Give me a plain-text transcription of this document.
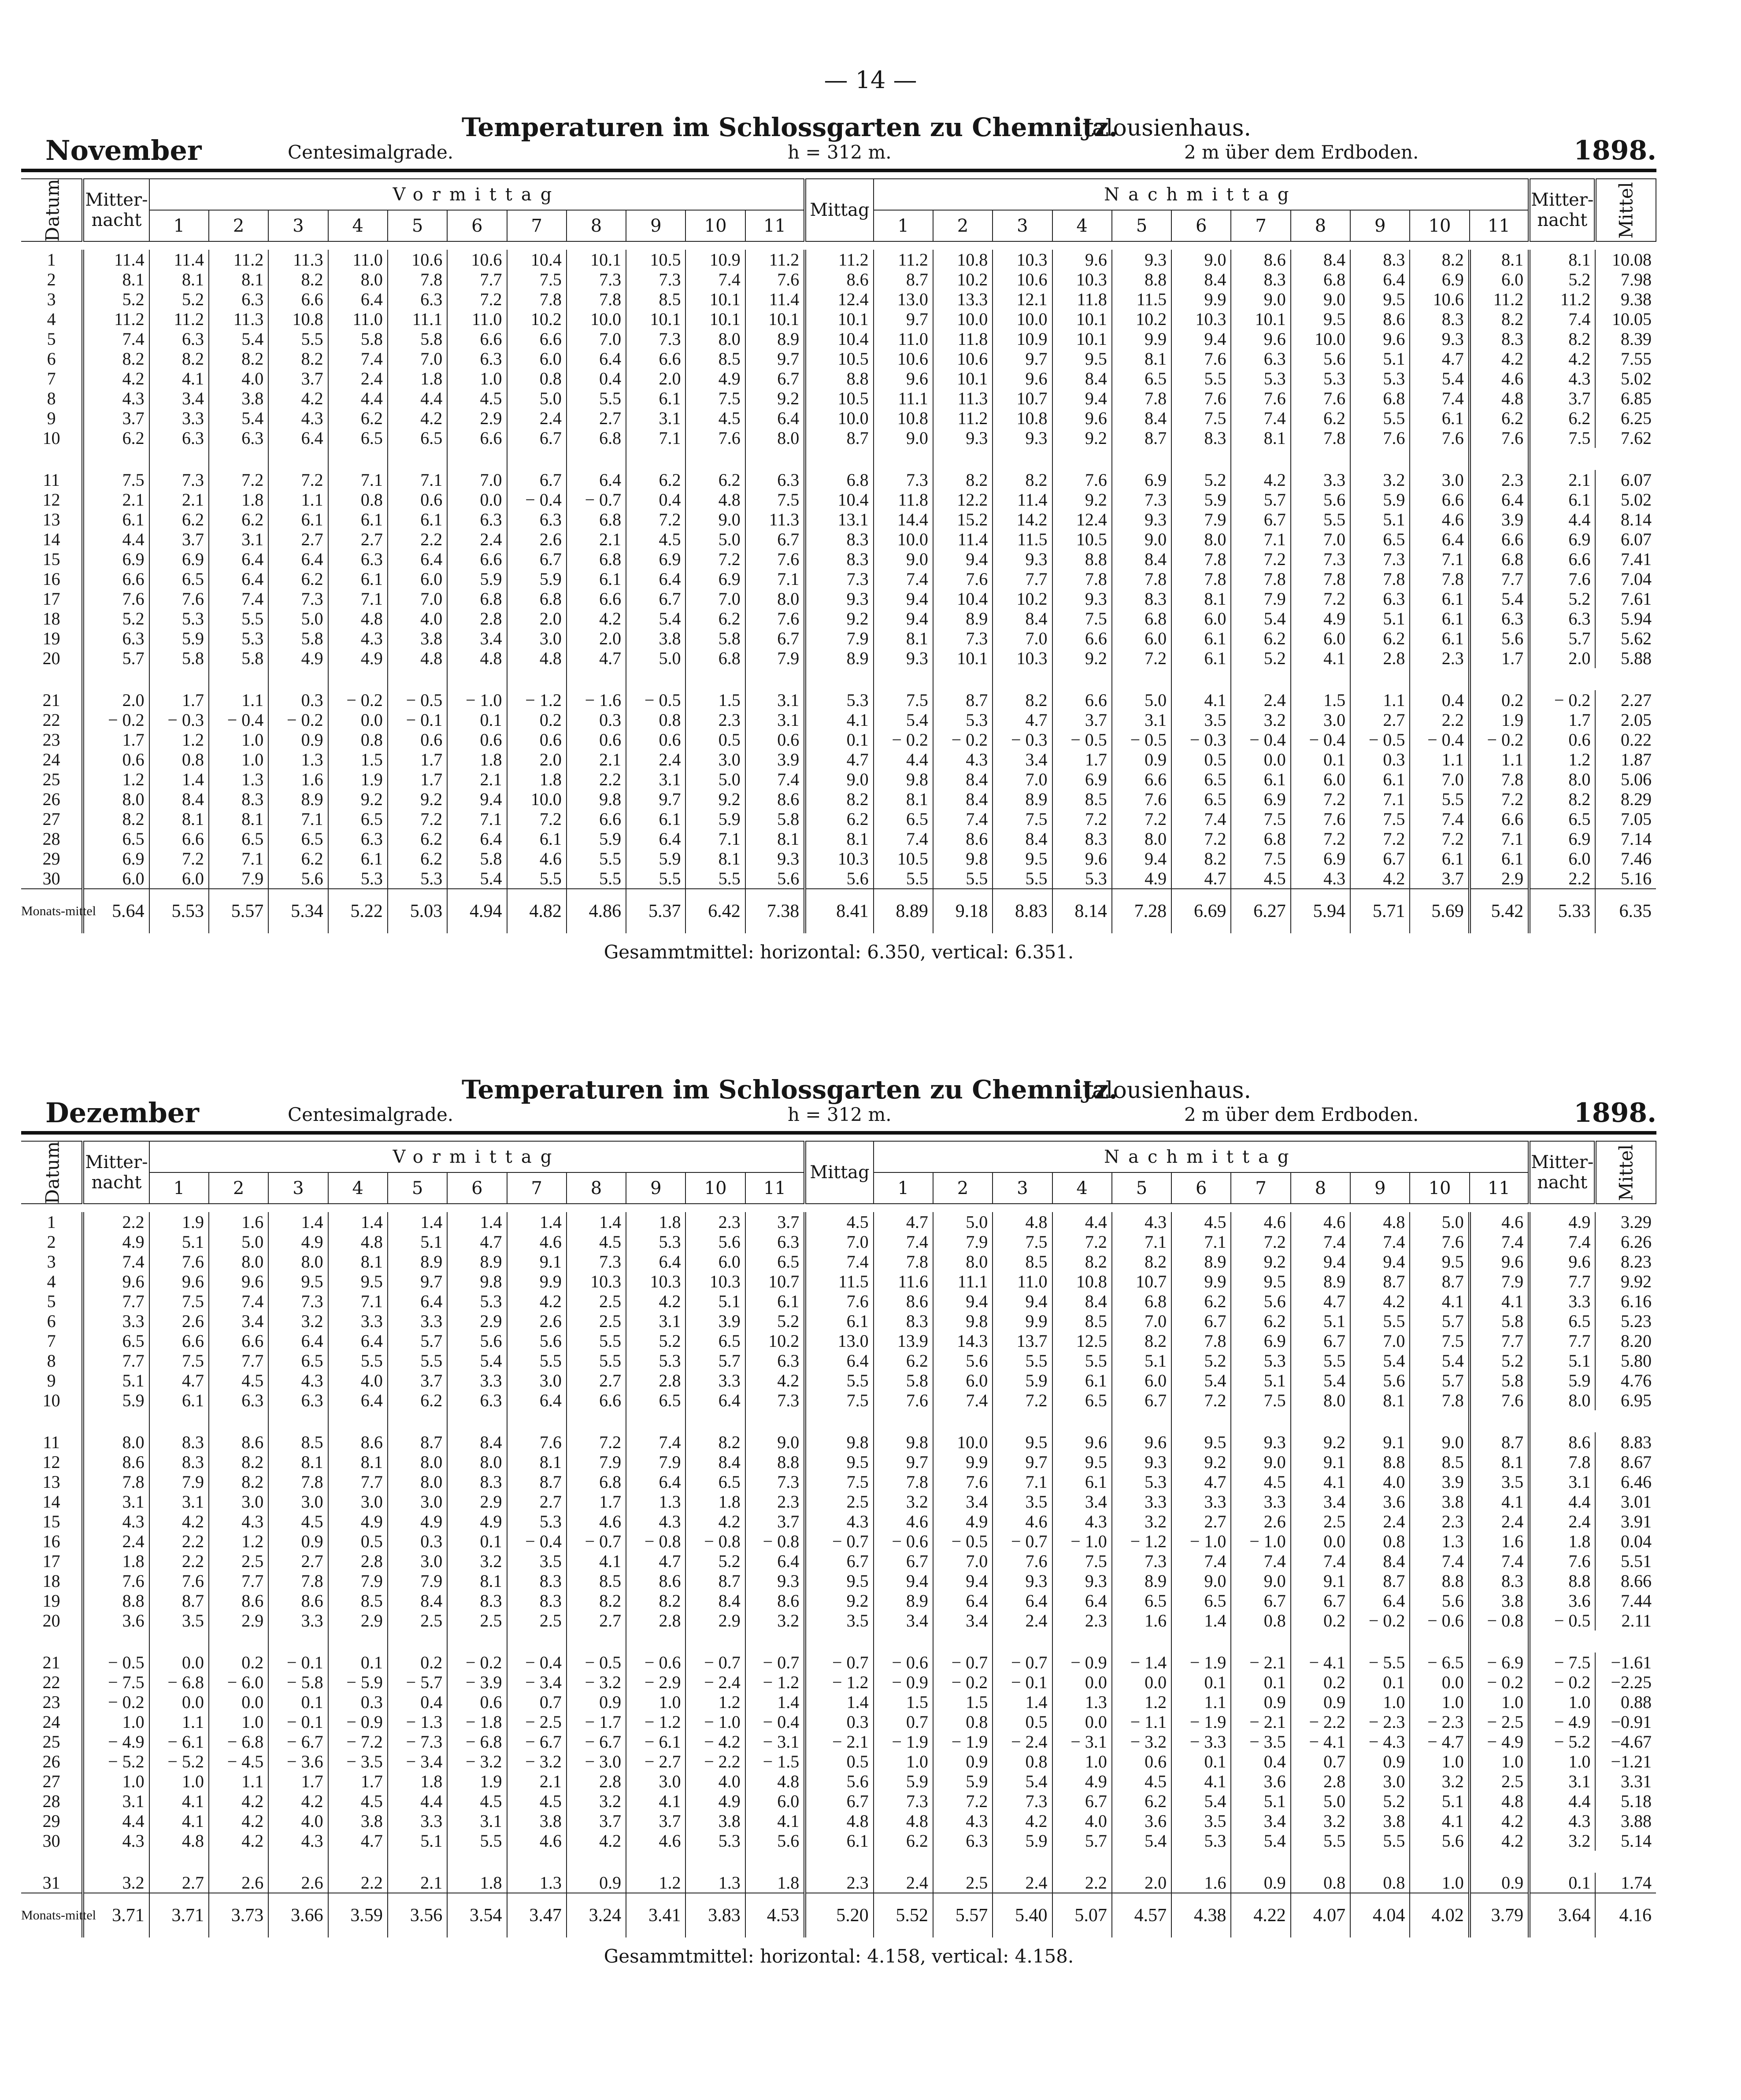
— 14 —
Temperaturen im Schlossgarten zu Chemnitz.
Jalousienhaus.
November	Centesimalgrade.	h = 312 m.	2 m über dem Erdboden.	1898.
Datum	Mitter-nacht	Vormittag											Mittag	Nachmittag											Mitter-nacht	Mittel
		1	2	3	4	5	6	7	8	9	10	11		1	2	3	4	5	6	7	8	9	10	11		

1	11.4	11.4	11.2	11.3	11.0	10.6	10.6	10.4	10.1	10.5	10.9	11.2	11.2	11.2	10.8	10.3	9.6	9.3	9.0	8.6	8.4	8.3	8.2	8.1	8.1	10.08
2	8.1	8.1	8.1	8.2	8.0	7.8	7.7	7.5	7.3	7.3	7.4	7.6	8.6	8.7	10.2	10.6	10.3	8.8	8.4	8.3	6.8	6.4	6.9	6.0	5.2	7.98
3	5.2	5.2	6.3	6.6	6.4	6.3	7.2	7.8	7.8	8.5	10.1	11.4	12.4	13.0	13.3	12.1	11.8	11.5	9.9	9.0	9.0	9.5	10.6	11.2	11.2	9.38
4	11.2	11.2	11.3	10.8	11.0	11.1	11.0	10.2	10.0	10.1	10.1	10.1	10.1	9.7	10.0	10.0	10.1	10.2	10.3	10.1	9.5	8.6	8.3	8.2	7.4	10.05
5	7.4	6.3	5.4	5.5	5.8	5.8	6.6	6.6	7.0	7.3	8.0	8.9	10.4	11.0	11.8	10.9	10.1	9.9	9.4	9.6	10.0	9.6	9.3	8.3	8.2	8.39
6	8.2	8.2	8.2	8.2	7.4	7.0	6.3	6.0	6.4	6.6	8.5	9.7	10.5	10.6	10.6	9.7	9.5	8.1	7.6	6.3	5.6	5.1	4.7	4.2	4.2	7.55
7	4.2	4.1	4.0	3.7	2.4	1.8	1.0	0.8	0.4	2.0	4.9	6.7	8.8	9.6	10.1	9.6	8.4	6.5	5.5	5.3	5.3	5.3	5.4	4.6	4.3	5.02
8	4.3	3.4	3.8	4.2	4.4	4.4	4.5	5.0	5.5	6.1	7.5	9.2	10.5	11.1	11.3	10.7	9.4	7.8	7.6	7.6	7.6	6.8	7.4	4.8	3.7	6.85
9	3.7	3.3	5.4	4.3	6.2	4.2	2.9	2.4	2.7	3.1	4.5	6.4	10.0	10.8	11.2	10.8	9.6	8.4	7.5	7.4	6.2	5.5	6.1	6.2	6.2	6.25
10	6.2	6.3	6.3	6.4	6.5	6.5	6.6	6.7	6.8	7.1	7.6	8.0	8.7	9.0	9.3	9.3	9.2	8.7	8.3	8.1	7.8	7.6	7.6	7.6	7.5	7.62

11	7.5	7.3	7.2	7.2	7.1	7.1	7.0	6.7	6.4	6.2	6.2	6.3	6.8	7.3	8.2	8.2	7.6	6.9	5.2	4.2	3.3	3.2	3.0	2.3	2.1	6.07
12	2.1	2.1	1.8	1.1	0.8	0.6	0.0	− 0.4	− 0.7	0.4	4.8	7.5	10.4	11.8	12.2	11.4	9.2	7.3	5.9	5.7	5.6	5.9	6.6	6.4	6.1	5.02
13	6.1	6.2	6.2	6.1	6.1	6.1	6.3	6.3	6.8	7.2	9.0	11.3	13.1	14.4	15.2	14.2	12.4	9.3	7.9	6.7	5.5	5.1	4.6	3.9	4.4	8.14
14	4.4	3.7	3.1	2.7	2.7	2.2	2.4	2.6	2.1	4.5	5.0	6.7	8.3	10.0	11.4	11.5	10.5	9.0	8.0	7.1	7.0	6.5	6.4	6.6	6.9	6.07
15	6.9	6.9	6.4	6.4	6.3	6.4	6.6	6.7	6.8	6.9	7.2	7.6	8.3	9.0	9.4	9.3	8.8	8.4	7.8	7.2	7.3	7.3	7.1	6.8	6.6	7.41
16	6.6	6.5	6.4	6.2	6.1	6.0	5.9	5.9	6.1	6.4	6.9	7.1	7.3	7.4	7.6	7.7	7.8	7.8	7.8	7.8	7.8	7.8	7.8	7.7	7.6	7.04
17	7.6	7.6	7.4	7.3	7.1	7.0	6.8	6.8	6.6	6.7	7.0	8.0	9.3	9.4	10.4	10.2	9.3	8.3	8.1	7.9	7.2	6.3	6.1	5.4	5.2	7.61
18	5.2	5.3	5.5	5.0	4.8	4.0	2.8	2.0	4.2	5.4	6.2	7.6	9.2	9.4	8.9	8.4	7.5	6.8	6.0	5.4	4.9	5.1	6.1	6.3	6.3	5.94
19	6.3	5.9	5.3	5.8	4.3	3.8	3.4	3.0	2.0	3.8	5.8	6.7	7.9	8.1	7.3	7.0	6.6	6.0	6.1	6.2	6.0	6.2	6.1	5.6	5.7	5.62
20	5.7	5.8	5.8	4.9	4.9	4.8	4.8	4.8	4.7	5.0	6.8	7.9	8.9	9.3	10.1	10.3	9.2	7.2	6.1	5.2	4.1	2.8	2.3	1.7	2.0	5.88

21	2.0	1.7	1.1	0.3	− 0.2	− 0.5	− 1.0	− 1.2	− 1.6	− 0.5	1.5	3.1	5.3	7.5	8.7	8.2	6.6	5.0	4.1	2.4	1.5	1.1	0.4	0.2	− 0.2	2.27
22	− 0.2	− 0.3	− 0.4	− 0.2	0.0	− 0.1	0.1	0.2	0.3	0.8	2.3	3.1	4.1	5.4	5.3	4.7	3.7	3.1	3.5	3.2	3.0	2.7	2.2	1.9	1.7	2.05
23	1.7	1.2	1.0	0.9	0.8	0.6	0.6	0.6	0.6	0.6	0.5	0.6	0.1	− 0.2	− 0.2	− 0.3	− 0.5	− 0.5	− 0.3	− 0.4	− 0.4	− 0.5	− 0.4	− 0.2	0.6	0.22
24	0.6	0.8	1.0	1.3	1.5	1.7	1.8	2.0	2.1	2.4	3.0	3.9	4.7	4.4	4.3	3.4	1.7	0.9	0.5	0.0	0.1	0.3	1.1	1.1	1.2	1.87
25	1.2	1.4	1.3	1.6	1.9	1.7	2.1	1.8	2.2	3.1	5.0	7.4	9.0	9.8	8.4	7.0	6.9	6.6	6.5	6.1	6.0	6.1	7.0	7.8	8.0	5.06
26	8.0	8.4	8.3	8.9	9.2	9.2	9.4	10.0	9.8	9.7	9.2	8.6	8.2	8.1	8.4	8.9	8.5	7.6	6.5	6.9	7.2	7.1	5.5	7.2	8.2	8.29
27	8.2	8.1	8.1	7.1	6.5	7.2	7.1	7.2	6.6	6.1	5.9	5.8	6.2	6.5	7.4	7.5	7.2	7.2	7.4	7.5	7.6	7.5	7.4	6.6	6.5	7.05
28	6.5	6.6	6.5	6.5	6.3	6.2	6.4	6.1	5.9	6.4	7.1	8.1	8.1	7.4	8.6	8.4	8.3	8.0	7.2	6.8	7.2	7.2	7.2	7.1	6.9	7.14
29	6.9	7.2	7.1	6.2	6.1	6.2	5.8	4.6	5.5	5.9	8.1	9.3	10.3	10.5	9.8	9.5	9.6	9.4	8.2	7.5	6.9	6.7	6.1	6.1	6.0	7.46
30	6.0	6.0	7.9	5.6	5.3	5.3	5.4	5.5	5.5	5.5	5.5	5.6	5.6	5.5	5.5	5.5	5.3	4.9	4.7	4.5	4.3	4.2	3.7	2.9	2.2	5.16
Monats-mittel	5.64	5.53	5.57	5.34	5.22	5.03	4.94	4.82	4.86	5.37	6.42	7.38	8.41	8.89	9.18	8.83	8.14	7.28	6.69	6.27	5.94	5.71	5.69	5.42	5.33	6.35
Gesammtmittel: horizontal: 6.350, vertical: 6.351.
Temperaturen im Schlossgarten zu Chemnitz.
Jalousienhaus.
Dezember	Centesimalgrade.	h = 312 m.	2 m über dem Erdboden.	1898.
Datum	Mitter-nacht	Vormittag											Mittag	Nachmittag											Mitter-nacht	Mittel
		1	2	3	4	5	6	7	8	9	10	11		1	2	3	4	5	6	7	8	9	10	11		

1	2.2	1.9	1.6	1.4	1.4	1.4	1.4	1.4	1.4	1.8	2.3	3.7	4.5	4.7	5.0	4.8	4.4	4.3	4.5	4.6	4.6	4.8	5.0	4.6	4.9	3.29
2	4.9	5.1	5.0	4.9	4.8	5.1	4.7	4.6	4.5	5.3	5.6	6.3	7.0	7.4	7.9	7.5	7.2	7.1	7.1	7.2	7.4	7.4	7.6	7.4	7.4	6.26
3	7.4	7.6	8.0	8.0	8.1	8.9	8.9	9.1	7.3	6.4	6.0	6.5	7.4	7.8	8.0	8.5	8.2	8.2	8.9	9.2	9.4	9.4	9.5	9.6	9.6	8.23
4	9.6	9.6	9.6	9.5	9.5	9.7	9.8	9.9	10.3	10.3	10.3	10.7	11.5	11.6	11.1	11.0	10.8	10.7	9.9	9.5	8.9	8.7	8.7	7.9	7.7	9.92
5	7.7	7.5	7.4	7.3	7.1	6.4	5.3	4.2	2.5	4.2	5.1	6.1	7.6	8.6	9.4	9.4	8.4	6.8	6.2	5.6	4.7	4.2	4.1	4.1	3.3	6.16
6	3.3	2.6	3.4	3.2	3.3	3.3	2.9	2.6	2.5	3.1	3.9	5.2	6.1	8.3	9.8	9.9	8.5	7.0	6.7	6.2	5.1	5.5	5.7	5.8	6.5	5.23
7	6.5	6.6	6.6	6.4	6.4	5.7	5.6	5.6	5.5	5.2	6.5	10.2	13.0	13.9	14.3	13.7	12.5	8.2	7.8	6.9	6.7	7.0	7.5	7.7	7.7	8.20
8	7.7	7.5	7.7	6.5	5.5	5.5	5.4	5.5	5.5	5.3	5.7	6.3	6.4	6.2	5.6	5.5	5.5	5.1	5.2	5.3	5.5	5.4	5.4	5.2	5.1	5.80
9	5.1	4.7	4.5	4.3	4.0	3.7	3.3	3.0	2.7	2.8	3.3	4.2	5.5	5.8	6.0	5.9	6.1	6.0	5.4	5.1	5.4	5.6	5.7	5.8	5.9	4.76
10	5.9	6.1	6.3	6.3	6.4	6.2	6.3	6.4	6.6	6.5	6.4	7.3	7.5	7.6	7.4	7.2	6.5	6.7	7.2	7.5	8.0	8.1	7.8	7.6	8.0	6.95

11	8.0	8.3	8.6	8.5	8.6	8.7	8.4	7.6	7.2	7.4	8.2	9.0	9.8	9.8	10.0	9.5	9.6	9.6	9.5	9.3	9.2	9.1	9.0	8.7	8.6	8.83
12	8.6	8.3	8.2	8.1	8.1	8.0	8.0	8.1	7.9	7.9	8.4	8.8	9.5	9.7	9.9	9.7	9.5	9.3	9.2	9.0	9.1	8.8	8.5	8.1	7.8	8.67
13	7.8	7.9	8.2	7.8	7.7	8.0	8.3	8.7	6.8	6.4	6.5	7.3	7.5	7.8	7.6	7.1	6.1	5.3	4.7	4.5	4.1	4.0	3.9	3.5	3.1	6.46
14	3.1	3.1	3.0	3.0	3.0	3.0	2.9	2.7	1.7	1.3	1.8	2.3	2.5	3.2	3.4	3.5	3.4	3.3	3.3	3.3	3.4	3.6	3.8	4.1	4.4	3.01
15	4.3	4.2	4.3	4.5	4.9	4.9	4.9	5.3	4.6	4.3	4.2	3.7	4.3	4.6	4.9	4.6	4.3	3.2	2.7	2.6	2.5	2.4	2.3	2.4	2.4	3.91
16	2.4	2.2	1.2	0.9	0.5	0.3	0.1	− 0.4	− 0.7	− 0.8	− 0.8	− 0.8	− 0.7	− 0.6	− 0.5	− 0.7	− 1.0	− 1.2	− 1.0	− 1.0	0.0	0.8	1.3	1.6	1.8	0.04
17	1.8	2.2	2.5	2.7	2.8	3.0	3.2	3.5	4.1	4.7	5.2	6.4	6.7	6.7	7.0	7.6	7.5	7.3	7.4	7.4	7.4	8.4	7.4	7.4	7.6	5.51
18	7.6	7.6	7.7	7.8	7.9	7.9	8.1	8.3	8.5	8.6	8.7	9.3	9.5	9.4	9.4	9.3	9.3	8.9	9.0	9.0	9.1	8.7	8.8	8.3	8.8	8.66
19	8.8	8.7	8.6	8.6	8.5	8.4	8.3	8.3	8.2	8.2	8.4	8.6	9.2	8.9	6.4	6.4	6.4	6.5	6.5	6.7	6.7	6.4	5.6	3.8	3.6	7.44
20	3.6	3.5	2.9	3.3	2.9	2.5	2.5	2.5	2.7	2.8	2.9	3.2	3.5	3.4	3.4	2.4	2.3	1.6	1.4	0.8	0.2	− 0.2	− 0.6	− 0.8	− 0.5	2.11

21	− 0.5	0.0	0.2	− 0.1	0.1	0.2	− 0.2	− 0.4	− 0.5	− 0.6	− 0.7	− 0.7	− 0.7	− 0.6	− 0.7	− 0.7	− 0.9	− 1.4	− 1.9	− 2.1	− 4.1	− 5.5	− 6.5	− 6.9	− 7.5	−1.61
22	− 7.5	− 6.8	− 6.0	− 5.8	− 5.9	− 5.7	− 3.9	− 3.4	− 3.2	− 2.9	− 2.4	− 1.2	− 1.2	− 0.9	− 0.2	− 0.1	0.0	0.0	0.1	0.1	0.2	0.1	0.0	− 0.2	− 0.2	−2.25
23	− 0.2	0.0	0.0	0.1	0.3	0.4	0.6	0.7	0.9	1.0	1.2	1.4	1.4	1.5	1.5	1.4	1.3	1.2	1.1	0.9	0.9	1.0	1.0	1.0	1.0	0.88
24	1.0	1.1	1.0	− 0.1	− 0.9	− 1.3	− 1.8	− 2.5	− 1.7	− 1.2	− 1.0	− 0.4	0.3	0.7	0.8	0.5	0.0	− 1.1	− 1.9	− 2.1	− 2.2	− 2.3	− 2.3	− 2.5	− 4.9	−0.91
25	− 4.9	− 6.1	− 6.8	− 6.7	− 7.2	− 7.3	− 6.8	− 6.7	− 6.7	− 6.1	− 4.2	− 3.1	− 2.1	− 1.9	− 1.9	− 2.4	− 3.1	− 3.2	− 3.3	− 3.5	− 4.1	− 4.3	− 4.7	− 4.9	− 5.2	−4.67
26	− 5.2	− 5.2	− 4.5	− 3.6	− 3.5	− 3.4	− 3.2	− 3.2	− 3.0	− 2.7	− 2.2	− 1.5	0.5	1.0	0.9	0.8	1.0	0.6	0.1	0.4	0.7	0.9	1.0	1.0	1.0	−1.21
27	1.0	1.0	1.1	1.7	1.7	1.8	1.9	2.1	2.8	3.0	4.0	4.8	5.6	5.9	5.9	5.4	4.9	4.5	4.1	3.6	2.8	3.0	3.2	2.5	3.1	3.31
28	3.1	4.1	4.2	4.2	4.5	4.4	4.5	4.5	3.2	4.1	4.9	6.0	6.7	7.3	7.2	7.3	6.7	6.2	5.4	5.1	5.0	5.2	5.1	4.8	4.4	5.18
29	4.4	4.1	4.2	4.0	3.8	3.3	3.1	3.8	3.7	3.7	3.8	4.1	4.8	4.8	4.3	4.2	4.0	3.6	3.5	3.4	3.2	3.8	4.1	4.2	4.3	3.88
30	4.3	4.8	4.2	4.3	4.7	5.1	5.5	4.6	4.2	4.6	5.3	5.6	6.1	6.2	6.3	5.9	5.7	5.4	5.3	5.4	5.5	5.5	5.6	4.2	3.2	5.14

31	3.2	2.7	2.6	2.6	2.2	2.1	1.8	1.3	0.9	1.2	1.3	1.8	2.3	2.4	2.5	2.4	2.2	2.0	1.6	0.9	0.8	0.8	1.0	0.9	0.1	1.74
Monats-mittel	3.71	3.71	3.73	3.66	3.59	3.56	3.54	3.47	3.24	3.41	3.83	4.53	5.20	5.52	5.57	5.40	5.07	4.57	4.38	4.22	4.07	4.04	4.02	3.79	3.64	4.16
Gesammtmittel: horizontal: 4.158, vertical: 4.158.
